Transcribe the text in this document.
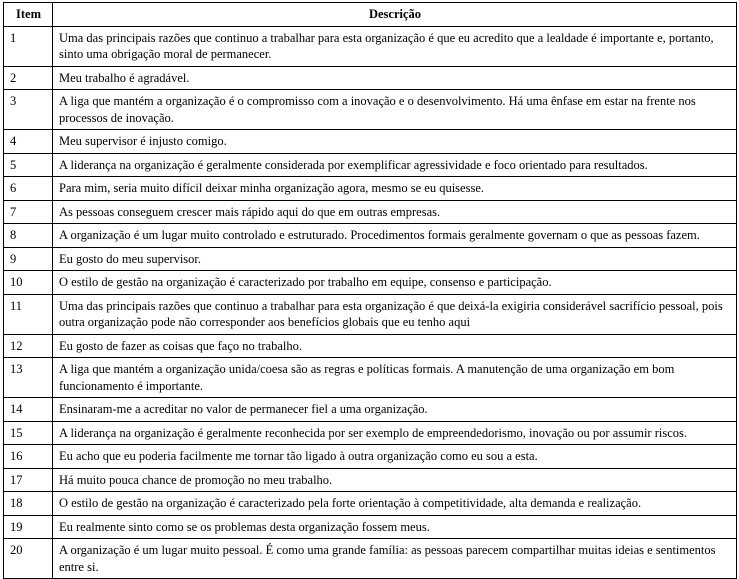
Item	Descrição
1	Uma das principais razões que continuo a trabalhar para esta organização é que eu acredito que a lealdade é importante e, portanto, sinto uma obrigação moral de permanecer.
2	Meu trabalho é agradável.
3	A liga que mantém a organização é o compromisso com a inovação e o desenvolvimento. Há uma ênfase em estar na frente nos processos de inovação.
4	Meu supervisor é injusto comigo.
5	A liderança na organização é geralmente considerada por exemplificar agressividade e foco orientado para resultados.
6	Para mim, seria muito difícil deixar minha organização agora, mesmo se eu quisesse.
7	As pessoas conseguem crescer mais rápido aqui do que em outras empresas.
8	A organização é um lugar muito controlado e estruturado. Procedimentos formais geralmente governam o que as pessoas fazem.
9	Eu gosto do meu supervisor.
10	O estilo de gestão na organização é caracterizado por trabalho em equipe, consenso e participação.
11	Uma das principais razões que continuo a trabalhar para esta organização é que deixá-la exigiria considerável sacrifício pessoal, pois outra organização pode não corresponder aos benefícios globais que eu tenho aqui
12	Eu gosto de fazer as coisas que faço no trabalho.
13	A liga que mantém a organização unida/coesa são as regras e políticas formais. A manutenção de uma organização em bom funcionamento é importante.
14	Ensinaram-me a acreditar no valor de permanecer fiel a uma organização.
15	A liderança na organização é geralmente reconhecida por ser exemplo de empreendedorismo, inovação ou por assumir riscos.
16	Eu acho que eu poderia facilmente me tornar tão ligado à outra organização como eu sou a esta.
17	Há muito pouca chance de promoção no meu trabalho.
18	O estilo de gestão na organização é caracterizado pela forte orientação à competitividade, alta demanda e realização.
19	Eu realmente sinto como se os problemas desta organização fossem meus.
20	A organização é um lugar muito pessoal. É como uma grande família: as pessoas parecem compartilhar muitas ideias e sentimentos entre si.
